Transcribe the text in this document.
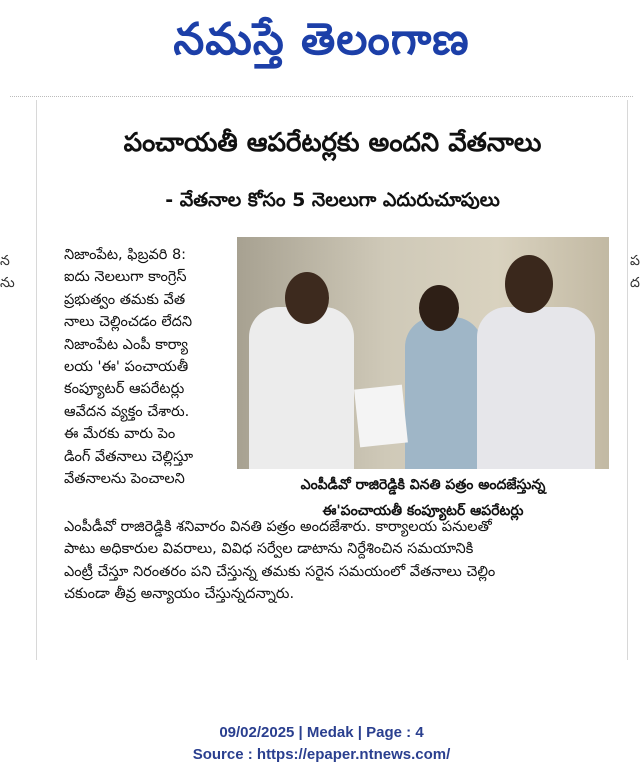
నమస్తే తెలంగాణ
న
ను
ప
ద
పంచాయతీ ఆపరేటర్లకు అందని వేతనాలు
- వేతనాల కోసం 5 నెలలుగా ఎదురుచూపులు

నిజాంపేట, ఫిబ్రవరి 8:

ఐదు నెలలుగా కాంగ్రెస్

ప్రభుత్వం తమకు వేత

నాలు చెల్లించడం లేదని

నిజాంపేట ఎంపీ కార్యా

లయ 'ఈ' పంచాయతీ

కంప్యూటర్ ఆపరేటర్లు

ఆవేదన వ్యక్తం చేశారు.

ఈ మేరకు వారు పెం

డింగ్ వేతనాలు చెల్లిస్తూ

వేతనాలను పెంచాలని	ఎంపీడీవో రాజిరెడ్డికి వినతి పత్రం అందజేస్తున్న
ఈ'పంచాయతీ కంప్యూటర్ ఆపరేటర్లు

ఎంపీడీవో రాజిరెడ్డికి శనివారం వినతి పత్రం అందజేశారు. కార్యాలయ పనులతో

పాటు అధికారుల వివరాలు, వివిధ సర్వేల డాటాను నిర్దేశించిన సమయానికి

ఎంట్రీ చేస్తూ నిరంతరం పని చేస్తున్న తమకు సరైన సమయంలో వేతనాలు చెల్లిం

చకుండా తీవ్ర అన్యాయం చేస్తున్నదన్నారు.

09/02/2025 | Medak | Page : 4
Source : https://epaper.ntnews.com/
